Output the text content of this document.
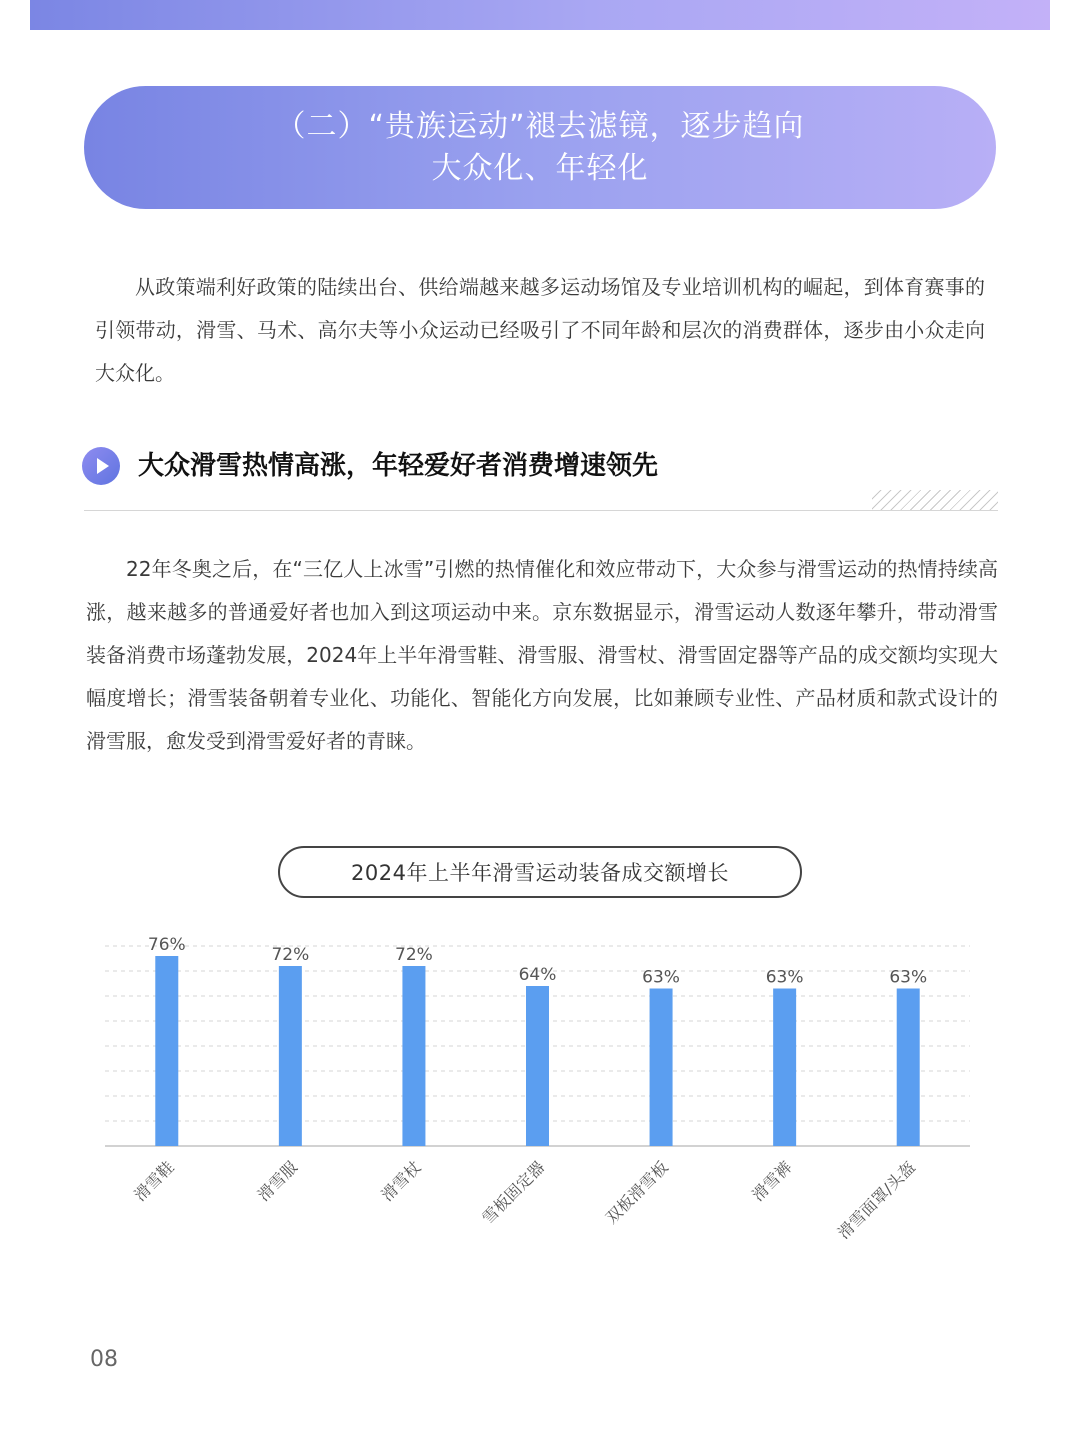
（二）“贵族运动”褪去滤镜，逐步趋向
大众化、年轻化

从政策端利好政策的陆续出台、供给端越来越多运动场馆及专业培训机构的崛起，到体育赛事的引领带动，滑雪、马术、高尔夫等小众运动已经吸引了不同年龄和层次的消费群体，逐步由小众走向大众化。

大众滑雪热情高涨，年轻爱好者消费增速领先

22年冬奥之后，在“三亿人上冰雪”引燃的热情催化和效应带动下，大众参与滑雪运动的热情持续高涨，越来越多的普通爱好者也加入到这项运动中来。京东数据显示，滑雪运动人数逐年攀升，带动滑雪装备消费市场蓬勃发展，2024年上半年滑雪鞋、滑雪服、滑雪杖、滑雪固定器等产品的成交额均实现大幅度增长；滑雪装备朝着专业化、功能化、智能化方向发展，比如兼顾专业性、产品材质和款式设计的滑雪服，愈发受到滑雪爱好者的青睐。

2024年上半年滑雪运动装备成交额增长
76%
滑雪鞋
72%
滑雪服
72%
滑雪杖
64%
雪板固定器
63%
双板滑雪板
63%
滑雪裤
63%
滑雪面罩/头盔
08
